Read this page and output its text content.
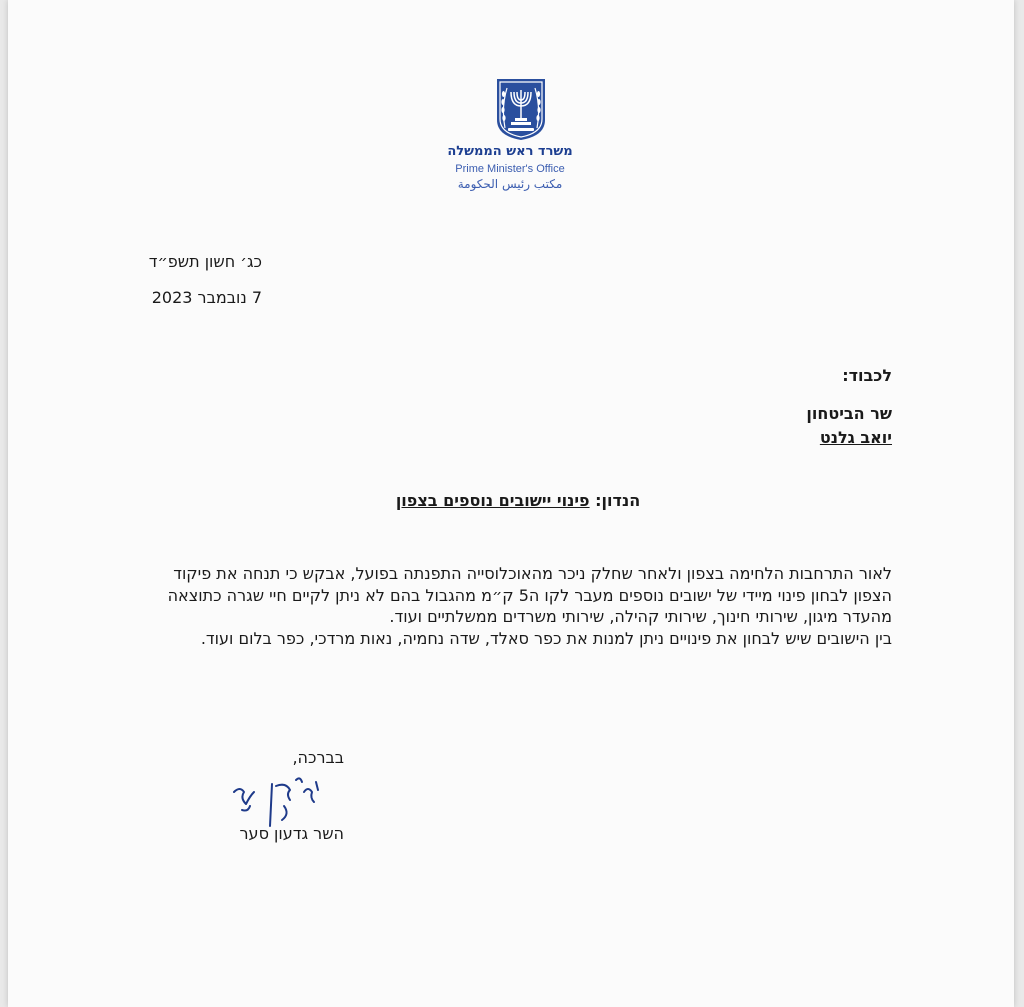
משרד ראש הממשלה
Prime Minister's Office
مكتب رئيس الحكومة
כג׳ חשון תשפ״ד
7 נובמבר 2023
לכבוד:
שר הביטחון
יואב גלנט
הנדון: פינוי יישובים נוספים בצפון

לאור התרחבות הלחימה בצפון ולאחר שחלק ניכר מהאוכלוסייה התפנתה בפועל, אבקש כי תנחה את פיקוד הצפון לבחון פינוי מיידי של ישובים נוספים מעבר לקו ה5 ק״מ מהגבול בהם לא ניתן לקיים חיי שגרה כתוצאה מהעדר מיגון, שירותי חינוך, שירותי קהילה, שירותי משרדים ממשלתיים ועוד.

בין הישובים שיש לבחון את פינויים ניתן למנות את כפר סאלד, שדה נחמיה, נאות מרדכי, כפר בלום ועוד.

בברכה,
השר גדעון סער
